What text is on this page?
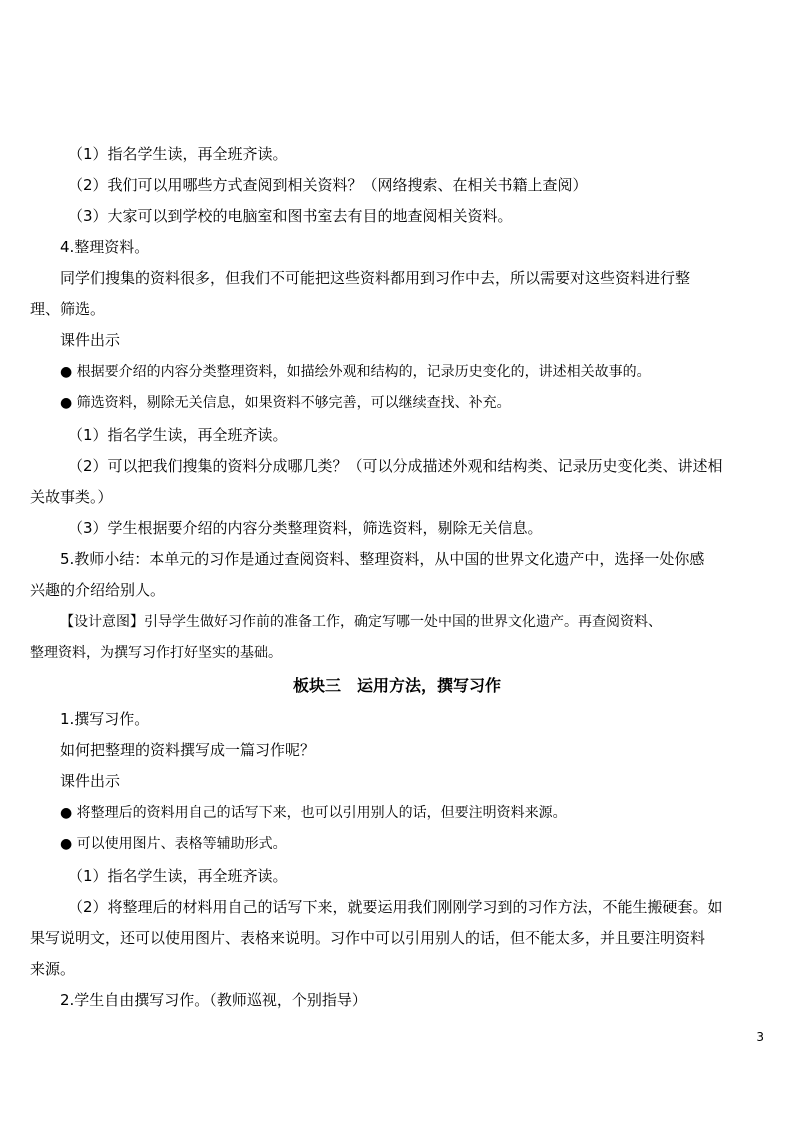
（1）指名学生读，再全班齐读。
（2）我们可以用哪些方式查阅到相关资料？（网络搜索、在相关书籍上查阅）
（3）大家可以到学校的电脑室和图书室去有目的地查阅相关资料。
4.整理资料。
同学们搜集的资料很多，但我们不可能把这些资料都用到习作中去，所以需要对这些资料进行整
理、筛选。
课件出示
● 根据要介绍的内容分类整理资料，如描绘外观和结构的，记录历史变化的，讲述相关故事的。
● 筛选资料，剔除无关信息，如果资料不够完善，可以继续查找、补充。
（1）指名学生读，再全班齐读。
（2）可以把我们搜集的资料分成哪几类？（可以分成描述外观和结构类、记录历史变化类、讲述相
关故事类。）
（3）学生根据要介绍的内容分类整理资料，筛选资料，剔除无关信息。
5.教师小结：本单元的习作是通过查阅资料、整理资料，从中国的世界文化遗产中，选择一处你感
兴趣的介绍给别人。
【设计意图】引导学生做好习作前的准备工作，确定写哪一处中国的世界文化遗产。再查阅资料、
整理资料，为撰写习作打好坚实的基础。
板块三　运用方法，撰写习作
1.撰写习作。
如何把整理的资料撰写成一篇习作呢？
课件出示
● 将整理后的资料用自己的话写下来，也可以引用别人的话，但要注明资料来源。
● 可以使用图片、表格等辅助形式。
（1）指名学生读，再全班齐读。
（2）将整理后的材料用自己的话写下来，就要运用我们刚刚学习到的习作方法，不能生搬硬套。如
果写说明文，还可以使用图片、表格来说明。习作中可以引用别人的话，但不能太多，并且要注明资料
来源。
2.学生自由撰写习作。（教师巡视，个别指导）
3
